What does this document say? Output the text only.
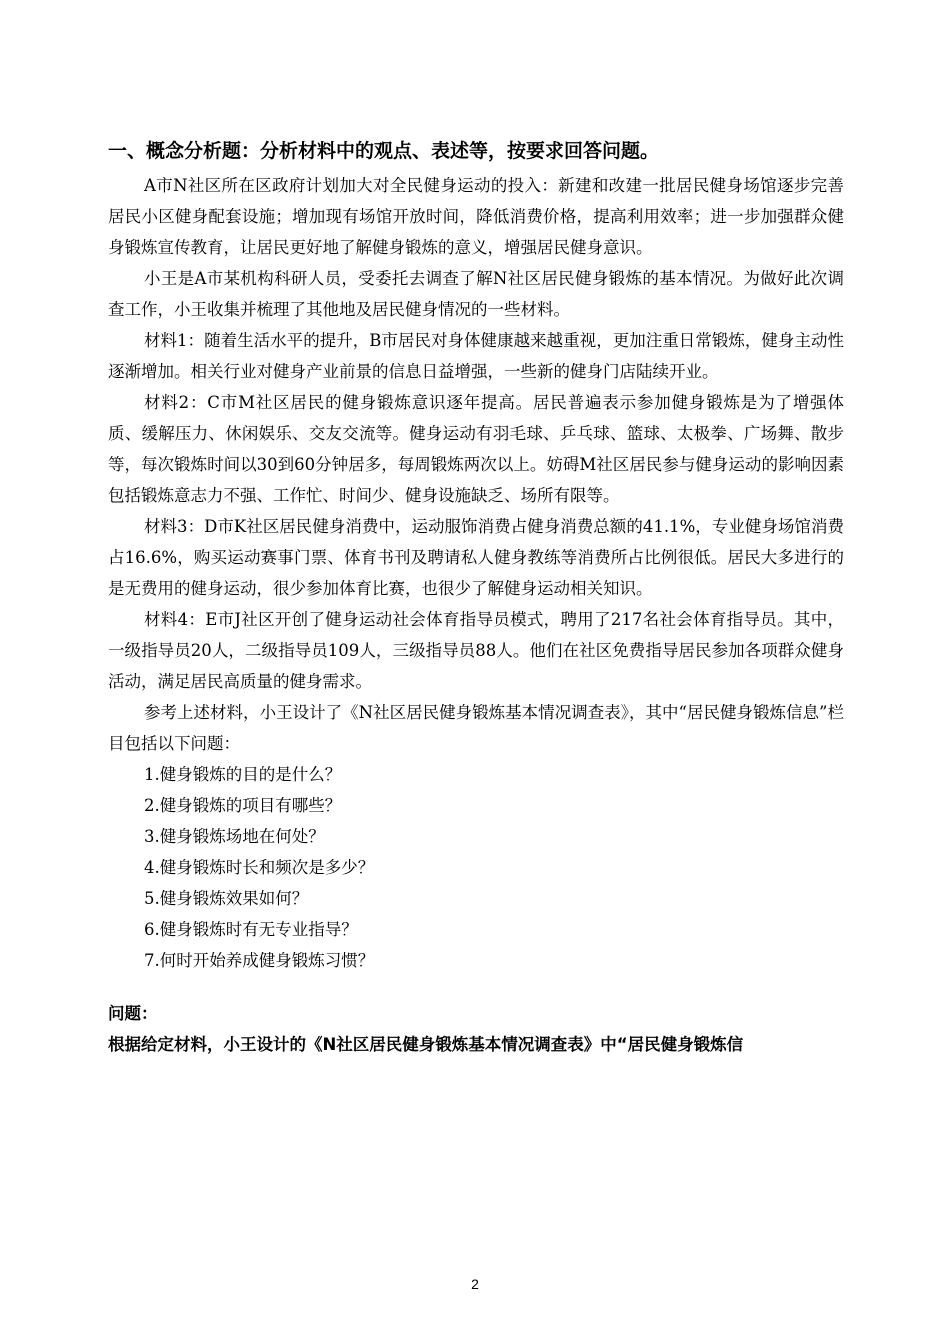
一、概念分析题：分析材料中的观点、表述等，按要求回答问题。

A市N社区所在区政府计划加大对全民健身运动的投入：新建和改建一批居民健身场馆逐步完善居民小区健身配套设施；增加现有场馆开放时间，降低消费价格，提高利用效率；进一步加强群众健身锻炼宣传教育，让居民更好地了解健身锻炼的意义，增强居民健身意识。

小王是A市某机构科研人员，受委托去调查了解N社区居民健身锻炼的基本情况。为做好此次调查工作，小王收集并梳理了其他地及居民健身情况的一些材料。

材料1：随着生活水平的提升，B市居民对身体健康越来越重视，更加注重日常锻炼，健身主动性逐渐增加。相关行业对健身产业前景的信息日益增强，一些新的健身门店陆续开业。

材料2：C市M社区居民的健身锻炼意识逐年提高。居民普遍表示参加健身锻炼是为了增强体质、缓解压力、休闲娱乐、交友交流等。健身运动有羽毛球、乒乓球、篮球、太极拳、广场舞、散步等，每次锻炼时间以30到60分钟居多，每周锻炼两次以上。妨碍M社区居民参与健身运动的影响因素包括锻炼意志力不强、工作忙、时间少、健身设施缺乏、场所有限等。

材料3：D市K社区居民健身消费中，运动服饰消费占健身消费总额的41.1%，专业健身场馆消费占16.6%，购买运动赛事门票、体育书刊及聘请私人健身教练等消费所占比例很低。居民大多进行的是无费用的健身运动，很少参加体育比赛，也很少了解健身运动相关知识。

材料4：E市J社区开创了健身运动社会体育指导员模式，聘用了217名社会体育指导员。其中，一级指导员20人，二级指导员109人，三级指导员88人。他们在社区免费指导居民参加各项群众健身活动，满足居民高质量的健身需求。

参考上述材料，小王设计了《N社区居民健身锻炼基本情况调查表》，其中“居民健身锻炼信息”栏目包括以下问题：

1.健身锻炼的目的是什么？

2.健身锻炼的项目有哪些？

3.健身锻炼场地在何处？

4.健身锻炼时长和频次是多少？

5.健身锻炼效果如何？

6.健身锻炼时有无专业指导？

7.何时开始养成健身锻炼习惯？

问题：

根据给定材料，小王设计的《N社区居民健身锻炼基本情况调查表》中“居民健身锻炼信

2
